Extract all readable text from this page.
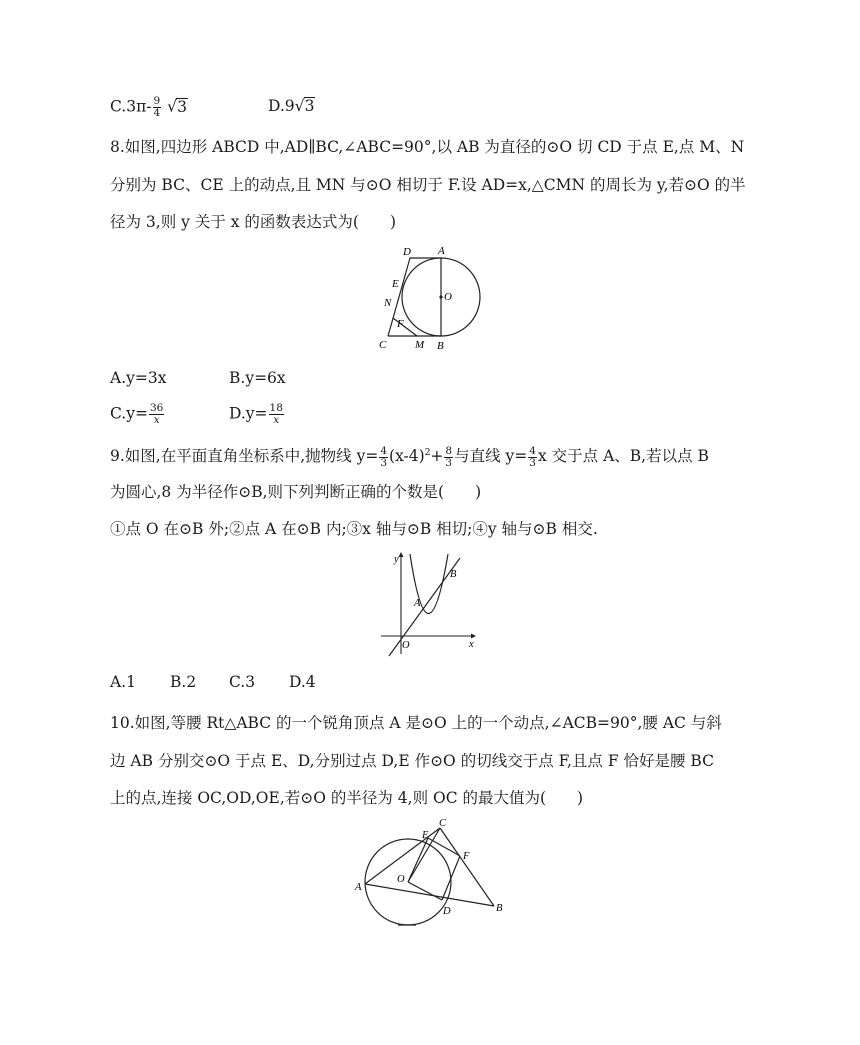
$C.3\pi- \frac{9}{4} √3$	D.9√3
8.如图,四边形 ABCD 中,AD∥BC,∠ABC=90°,以 AB 为直径的⊙O 切 CD 于点 E,点 M、N
分别为 BC、CE 上的动点,且 MN 与⊙O 相切于 F.设 AD=x,△CMN 的周长为 y,若⊙O 的半
径为 3,则 y 关于 x 的函数表达式为(　　)
D A
E
O
N
F
C	M B
A.y=3x	B.y=6x
$C.y= \frac{36}{x}$	$D.y= \frac{18}{x}$
9.如图,在平面直角坐标系中,抛物线 $y= \frac{4}{3} (x-4)^2+ \frac{8}{3}$ 与直线 $y= \frac{4}{3}$ x 交于点 A、B,若以点 B
为圆心,8 为半径作⊙B,则下列判断正确的个数是(　　)
①点 O 在⊙B 外;②点 A 在⊙B 内;③x 轴与⊙B 相切;④y 轴与⊙B 相交.
y
x
O
A
B
A.1 B.2 C.3 D.4
10.如图,等腰 Rt△ABC 的一个锐角顶点 A 是⊙O 上的一个动点,∠ACB=90°,腰 AC 与斜
边 AB 分别交⊙O 于点 E、D,分别过点 D,E 作⊙O 的切线交于点 F,且点 F 恰好是腰 BC
上的点,连接 OC,OD,OE,若⊙O 的半径为 4,则 OC 的最大值为(　　)
E
C
F
O
A
D	B
